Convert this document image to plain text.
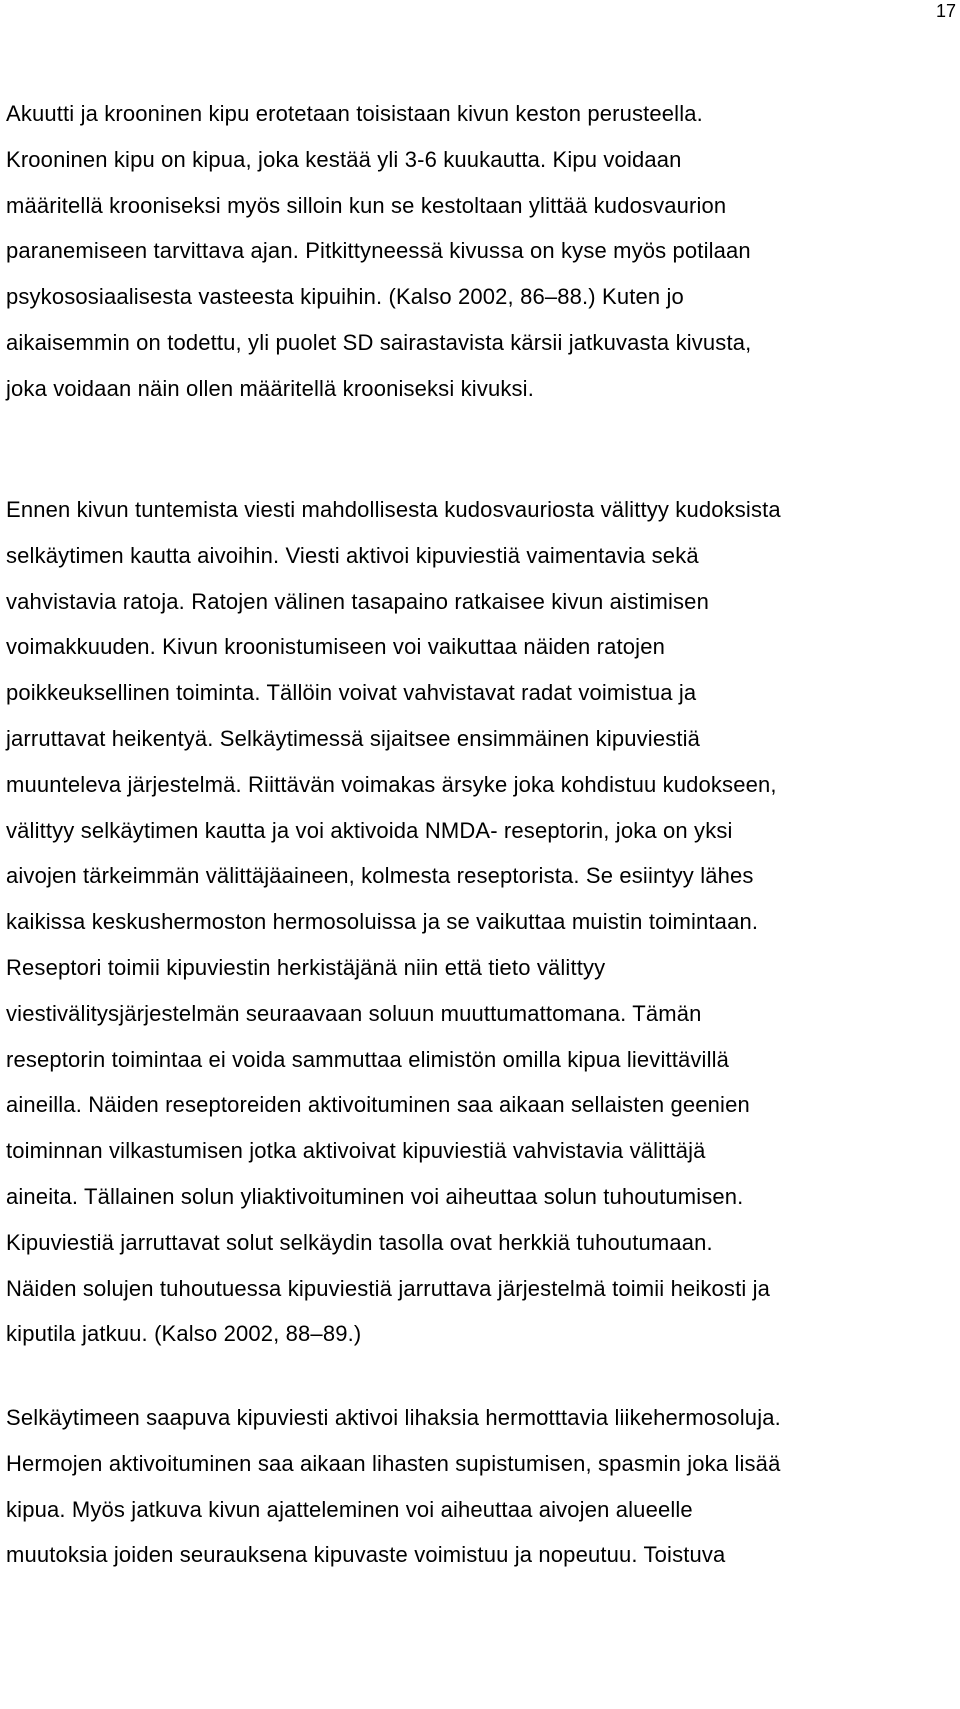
17

Akuutti ja krooninen kipu erotetaan toisistaan kivun keston perusteella.
Krooninen kipu on kipua, joka kestää yli 3-6 kuukautta. Kipu voidaan
määritellä krooniseksi myös silloin kun se kestoltaan ylittää kudosvaurion
paranemiseen tarvittava ajan. Pitkittyneessä kivussa on kyse myös potilaan
psykososiaalisesta vasteesta kipuihin. (Kalso 2002, 86–88.) Kuten jo
aikaisemmin on todettu, yli puolet SD sairastavista kärsii jatkuvasta kivusta,
joka voidaan näin ollen määritellä krooniseksi kivuksi.

Ennen kivun tuntemista viesti mahdollisesta kudosvauriosta välittyy kudoksista
selkäytimen kautta aivoihin. Viesti aktivoi kipuviestiä vaimentavia sekä
vahvistavia ratoja. Ratojen välinen tasapaino ratkaisee kivun aistimisen
voimakkuuden. Kivun kroonistumiseen voi vaikuttaa näiden ratojen
poikkeuksellinen toiminta. Tällöin voivat vahvistavat radat voimistua ja
jarruttavat heikentyä. Selkäytimessä sijaitsee ensimmäinen kipuviestiä
muunteleva järjestelmä. Riittävän voimakas ärsyke joka kohdistuu kudokseen,
välittyy selkäytimen kautta ja voi aktivoida NMDA- reseptorin, joka on yksi
aivojen tärkeimmän välittäjäaineen, kolmesta reseptorista. Se esiintyy lähes
kaikissa keskushermoston hermosoluissa ja se vaikuttaa muistin toimintaan.
Reseptori toimii kipuviestin herkistäjänä niin että tieto välittyy
viestivälitysjärjestelmän seuraavaan soluun muuttumattomana. Tämän
reseptorin toimintaa ei voida sammuttaa elimistön omilla kipua lievittävillä
aineilla. Näiden reseptoreiden aktivoituminen saa aikaan sellaisten geenien
toiminnan vilkastumisen jotka aktivoivat kipuviestiä vahvistavia välittäjä
aineita. Tällainen solun yliaktivoituminen voi aiheuttaa solun tuhoutumisen.
Kipuviestiä jarruttavat solut selkäydin tasolla ovat herkkiä tuhoutumaan.
Näiden solujen tuhoutuessa kipuviestiä jarruttava järjestelmä toimii heikosti ja
kiputila jatkuu. (Kalso 2002, 88–89.)

Selkäytimeen saapuva kipuviesti aktivoi lihaksia hermotttavia liikehermosoluja.
Hermojen aktivoituminen saa aikaan lihasten supistumisen, spasmin joka lisää
kipua. Myös jatkuva kivun ajatteleminen voi aiheuttaa aivojen alueelle
muutoksia joiden seurauksena kipuvaste voimistuu ja nopeutuu. Toistuva
